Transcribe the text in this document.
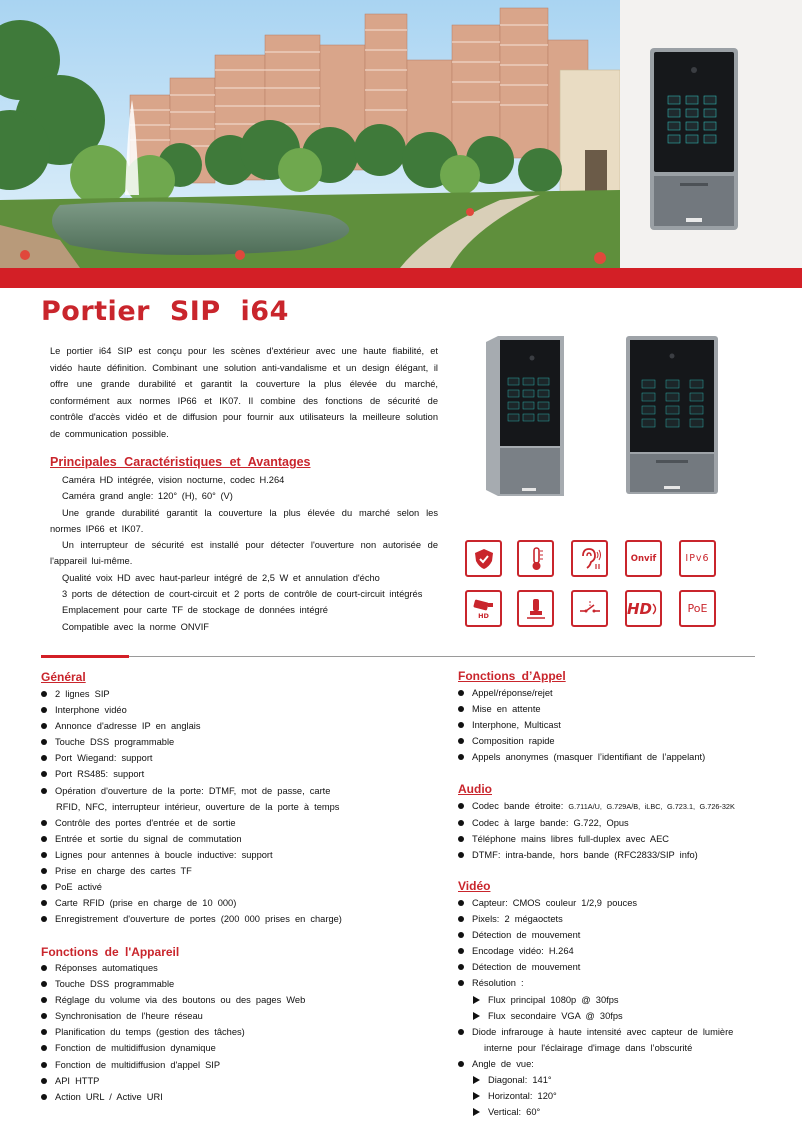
Portier SIP i64

Le portier i64 SIP est conçu pour les scènes d'extérieur avec une haute fiabilité, et vidéo haute définition. Combinant une solution anti-vandalisme et un design élégant, il offre une grande durabilité et garantit la couverture la plus élevée du marché, conformément aux normes IP66 et IK07. Il combine des fonctions de sécurité de contrôle d'accès vidéo et de diffusion pour fournir aux utilisateurs la meilleure solution de communication possible.

Principales Caractéristiques et Avantages
Caméra HD intégrée, vision nocturne, codec H.264
Caméra grand angle: 120° (H), 60° (V)
Une grande durabilité garantit la couverture la plus élevée du marché selon les normes IP66 et IK07.
Un interrupteur de sécurité est installé pour détecter l'ouverture non autorisée de l'appareil lui-même.
Qualité voix HD avec haut-parleur intégré de 2,5 W et annulation d'écho
3 ports de détection de court-circuit et 2 ports de contrôle de court-circuit intégrés
Emplacement pour carte TF de stockage de données intégré
Compatible avec la norme ONVIF
Onvif	IPv6
HD	HD	PoE
Général
2 lignes SIP
Interphone vidéo
Annonce d'adresse IP en anglais
Touche DSS programmable
Port Wiegand: support
Port RS485: support
Opération d'ouverture de la porte: DTMF, mot de passe, carte
RFID, NFC, interrupteur intérieur, ouverture de la porte à temps
Contrôle des portes d'entrée et de sortie
Entrée et sortie du signal de commutation
Lignes pour antennes à boucle inductive: support
Prise en charge des cartes TF
PoE activé
Carte RFID (prise en charge de 10 000)
Enregistrement d'ouverture de portes (200 000 prises en charge)
Fonctions de l'Appareil
Réponses automatiques
Touche DSS programmable
Réglage du volume via des boutons ou des pages Web
Synchronisation de l'heure réseau
Planification du temps (gestion des tâches)
Fonction de multidiffusion dynamique
Fonction de multidiffusion d'appel SIP
API HTTP
Action URL / Active URI
Fonctions d’Appel
Appel/réponse/rejet
Mise en attente
Interphone, Multicast
Composition rapide
Appels anonymes (masquer l’identifiant de l’appelant)
Audio
Codec bande étroite: G.711A/U, G.729A/B, iLBC, G.723.1, G.726-32K
Codec à large bande: G.722, Opus
Téléphone mains libres full-duplex avec AEC
DTMF: intra-bande, hors bande (RFC2833/SIP info)
Vidéo
Capteur: CMOS couleur 1/2,9 pouces
Pixels: 2 mégaoctets
Détection de mouvement
Encodage vidéo: H.264
Détection de mouvement
Résolution :
Flux principal 1080p @ 30fps
Flux secondaire VGA @ 30fps
Diode infrarouge à haute intensité avec capteur de lumière
interne pour l'éclairage d'image dans l’obscurité
Angle de vue:
Diagonal: 141°
Horizontal: 120°
Vertical: 60°
